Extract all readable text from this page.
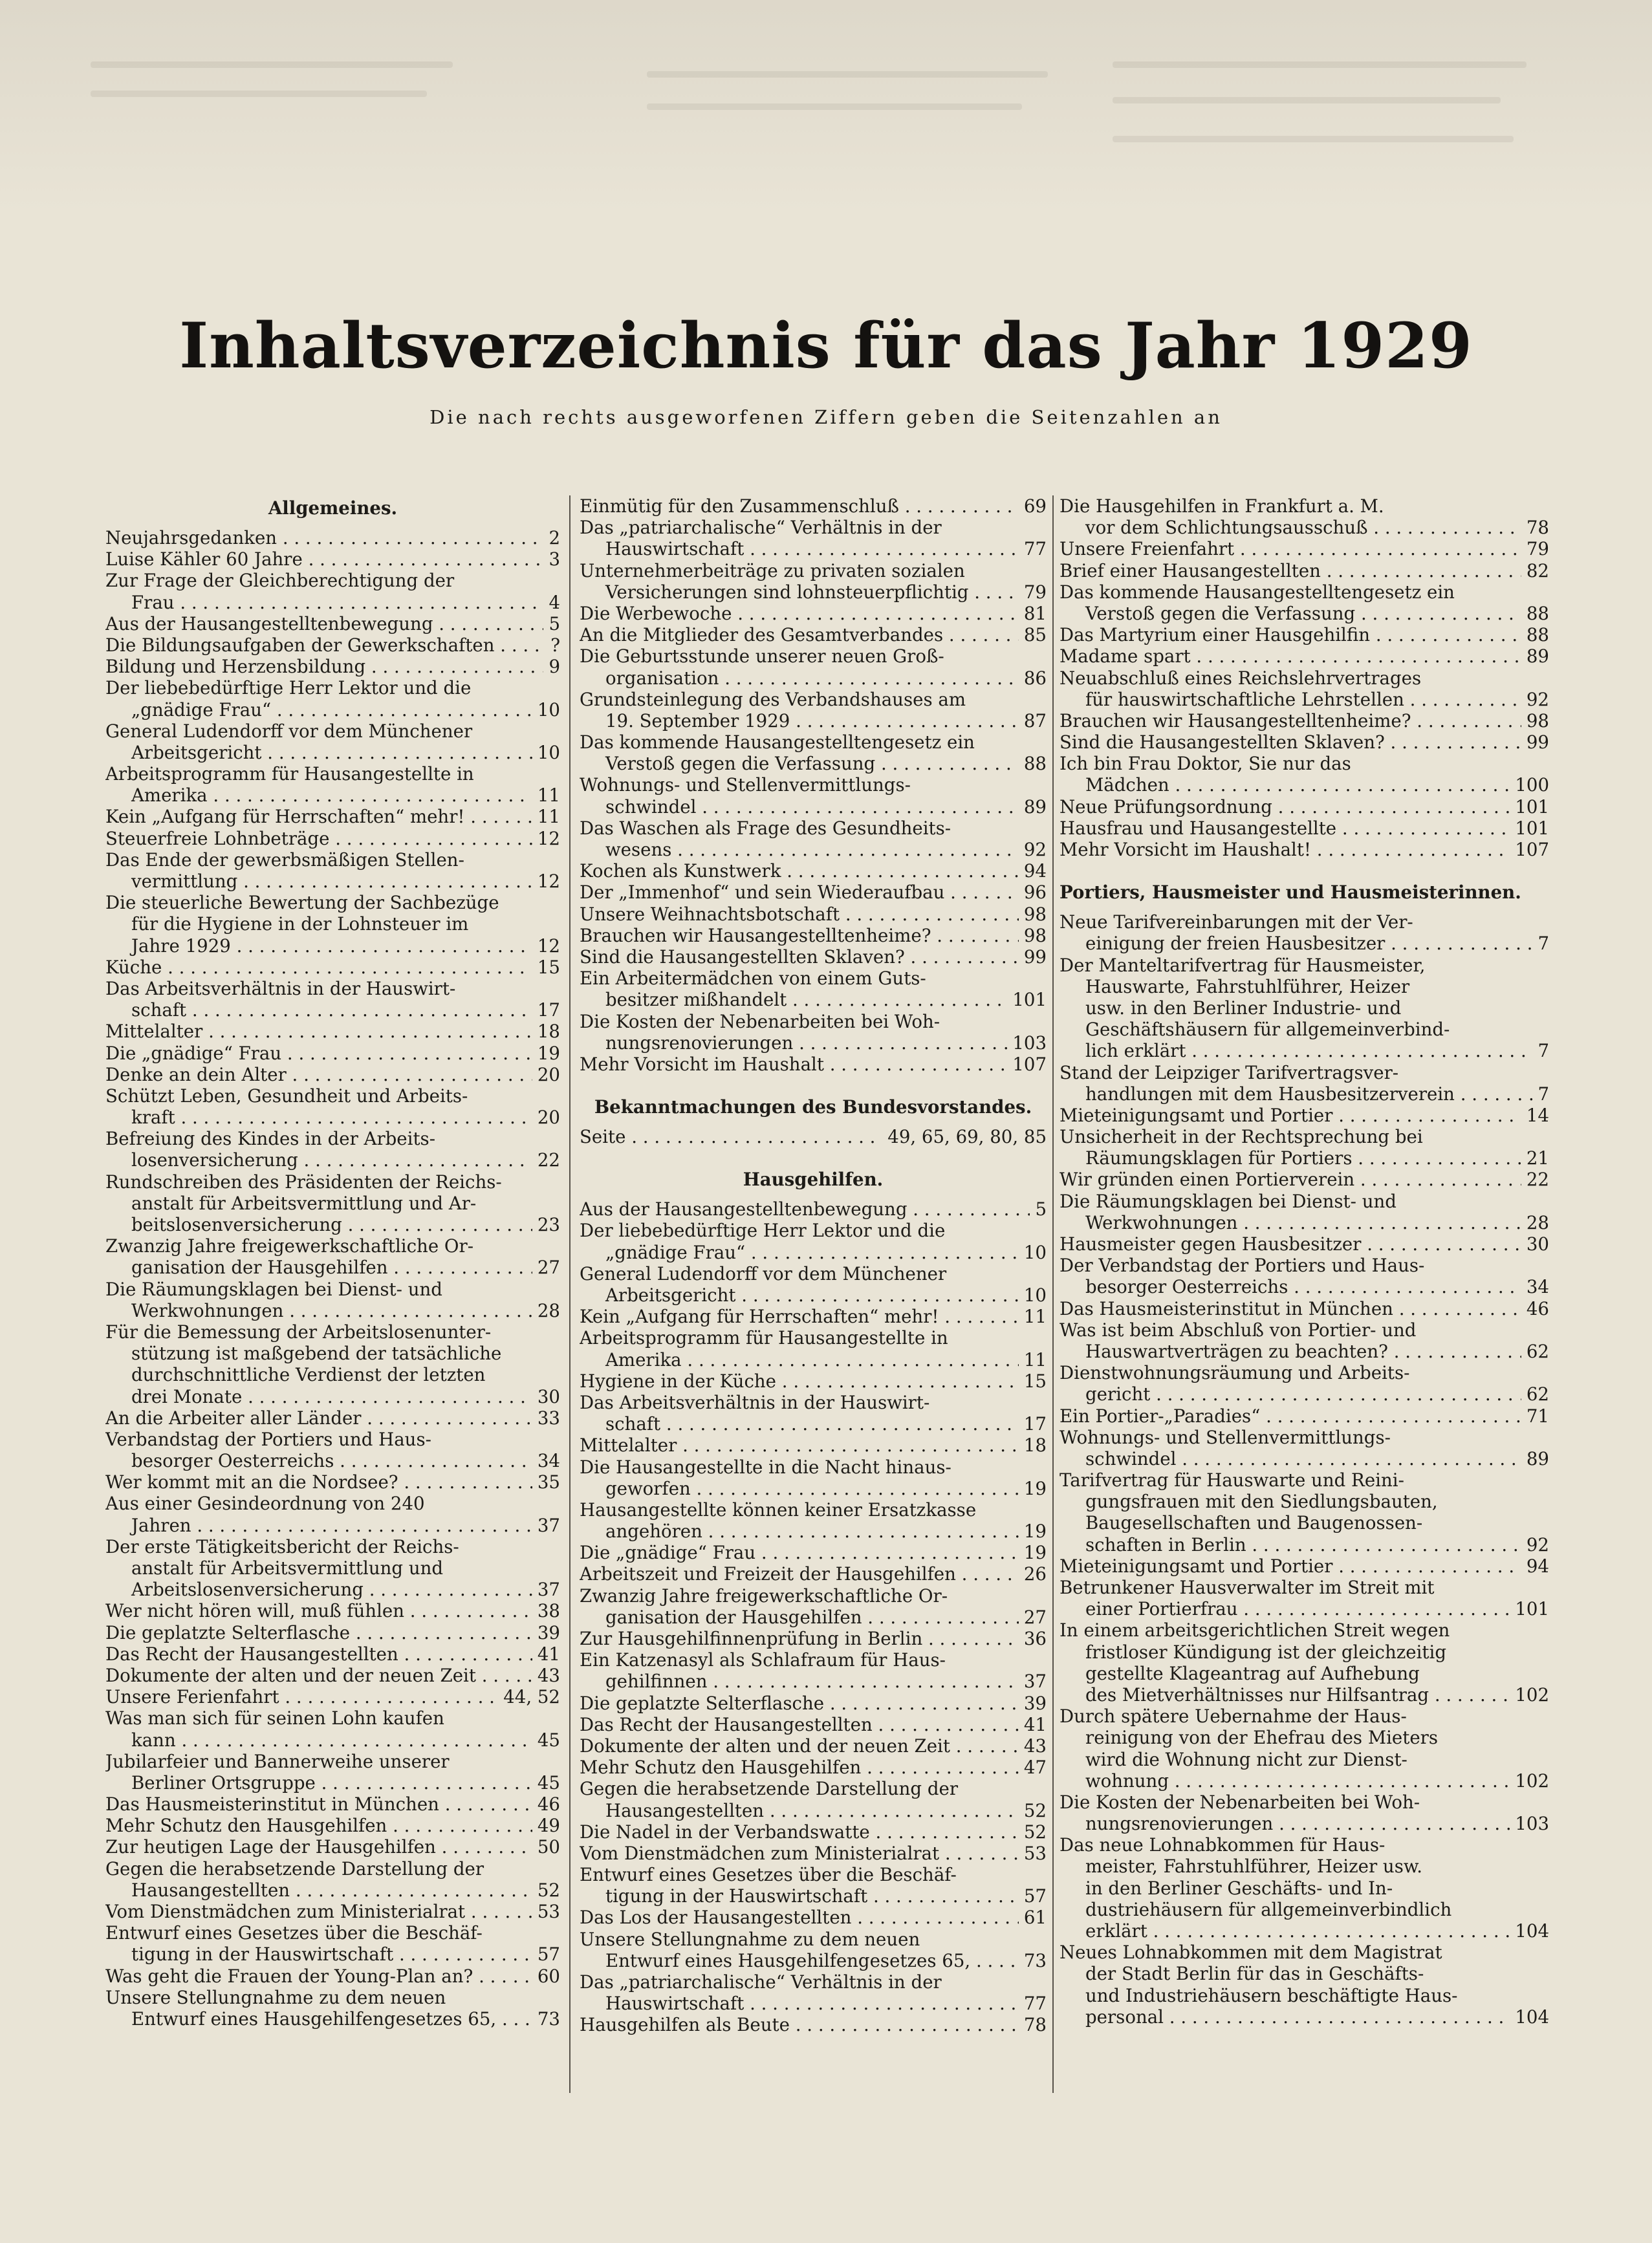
Inhaltsverzeichnis für das Jahr 1929
Die nach rechts ausgeworfenen Ziffern geben die Seitenzahlen an
Allgemeines.
Neujahrsgedanken . . .	2
Luise Kähler 60 Jahre . . .	3
Zur Frage der Gleichberechtigung der
Frau . . .	4
Aus der Hausangestelltenbewegung . . .	5
Die Bildungsaufgaben der Gewerkschaften . . .	?
Bildung und Herzensbildung . . .	9
Der liebebedürftige Herr Lektor und die
„gnädige Frau“ . . .	10
General Ludendorff vor dem Münchener
Arbeitsgericht . . .	10
Arbeitsprogramm für Hausangestellte in
Amerika . . .	11
Kein „Aufgang für Herrschaften“ mehr! . . .	11
Steuerfreie Lohnbeträge . . .	12
Das Ende der gewerbsmäßigen Stellen-
vermittlung . . .	12
Die steuerliche Bewertung der Sachbezüge
für die Hygiene in der Lohnsteuer im
Jahre 1929 . . .	12
Küche . . .	15
Das Arbeitsverhältnis in der Hauswirt-
schaft . . .	17
Mittelalter . . .	18
Die „gnädige“ Frau . . .	19
Denke an dein Alter . . .	20
Schützt Leben, Gesundheit und Arbeits-
kraft . . .	20
Befreiung des Kindes in der Arbeits-
losenversicherung . . .	22
Rundschreiben des Präsidenten der Reichs-
anstalt für Arbeitsvermittlung und Ar-
beitslosenversicherung . . .	23
Zwanzig Jahre freigewerkschaftliche Or-
ganisation der Hausgehilfen . . .	27
Die Räumungsklagen bei Dienst- und
Werkwohnungen . . .	28
Für die Bemessung der Arbeitslosenunter-
stützung ist maßgebend der tatsächliche
durchschnittliche Verdienst der letzten
drei Monate . . .	30
An die Arbeiter aller Länder . . .	33
Verbandstag der Portiers und Haus-
besorger Oesterreichs . . .	34
Wer kommt mit an die Nordsee? . . .	35
Aus einer Gesindeordnung von 240
Jahren . . .	37
Der erste Tätigkeitsbericht der Reichs-
anstalt für Arbeitsvermittlung und
Arbeitslosenversicherung . . .	37
Wer nicht hören will, muß fühlen . . .	38
Die geplatzte Selterflasche . . .	39
Das Recht der Hausangestellten . . .	41
Dokumente der alten und der neuen Zeit . . .	43
Unsere Ferienfahrt . . .	44, 52
Was man sich für seinen Lohn kaufen
kann . . .	45
Jubilarfeier und Bannerweihe unserer
Berliner Ortsgruppe . . .	45
Das Hausmeisterinstitut in München . . .	46
Mehr Schutz den Hausgehilfen . . .	49
Zur heutigen Lage der Hausgehilfen . . .	50
Gegen die herabsetzende Darstellung der
Hausangestellten . . .	52
Vom Dienstmädchen zum Ministerialrat . . .	53
Entwurf eines Gesetzes über die Beschäf-
tigung in der Hauswirtschaft . . .	57
Was geht die Frauen der Young-Plan an? . . .	60
Unsere Stellungnahme zu dem neuen
Entwurf eines Hausgehilfengesetzes 65, . . .	73
Einmütig für den Zusammenschluß . . .	69
Das „patriarchalische“ Verhältnis in der
Hauswirtschaft . . .	77
Unternehmerbeiträge zu privaten sozialen
Versicherungen sind lohnsteuerpflichtig . . .	79
Die Werbewoche . . .	81
An die Mitglieder des Gesamtverbandes . . .	85
Die Geburtsstunde unserer neuen Groß-
organisation . . .	86
Grundsteinlegung des Verbandshauses am
19. September 1929 . . .	87
Das kommende Hausangestelltengesetz ein
Verstoß gegen die Verfassung . . .	88
Wohnungs- und Stellenvermittlungs-
schwindel . . .	89
Das Waschen als Frage des Gesundheits-
wesens . . .	92
Kochen als Kunstwerk . . .	94
Der „Immenhof“ und sein Wiederaufbau . . .	96
Unsere Weihnachtsbotschaft . . .	98
Brauchen wir Hausangestelltenheime? . . .	98
Sind die Hausangestellten Sklaven? . . .	99
Ein Arbeitermädchen von einem Guts-
besitzer mißhandelt . . .	101
Die Kosten der Nebenarbeiten bei Woh-
nungsrenovierungen . . .	103
Mehr Vorsicht im Haushalt . . .	107
Bekanntmachungen des Bundesvorstandes.
Seite . . .	49, 65, 69, 80, 85
Hausgehilfen.
Aus der Hausangestelltenbewegung . . .	5
Der liebebedürftige Herr Lektor und die
„gnädige Frau“ . . .	10
General Ludendorff vor dem Münchener
Arbeitsgericht . . .	10
Kein „Aufgang für Herrschaften“ mehr! . . .	11
Arbeitsprogramm für Hausangestellte in
Amerika . . .	11
Hygiene in der Küche . . .	15
Das Arbeitsverhältnis in der Hauswirt-
schaft . . .	17
Mittelalter . . .	18
Die Hausangestellte in die Nacht hinaus-
geworfen . . .	19
Hausangestellte können keiner Ersatzkasse
angehören . . .	19
Die „gnädige“ Frau . . .	19
Arbeitszeit und Freizeit der Hausgehilfen . . .	26
Zwanzig Jahre freigewerkschaftliche Or-
ganisation der Hausgehilfen . . .	27
Zur Hausgehilfinnenprüfung in Berlin . . .	36
Ein Katzenasyl als Schlafraum für Haus-
gehilfinnen . . .	37
Die geplatzte Selterflasche . . .	39
Das Recht der Hausangestellten . . .	41
Dokumente der alten und der neuen Zeit . . .	43
Mehr Schutz den Hausgehilfen . . .	47
Gegen die herabsetzende Darstellung der
Hausangestellten . . .	52
Die Nadel in der Verbandswatte . . .	52
Vom Dienstmädchen zum Ministerialrat . . .	53
Entwurf eines Gesetzes über die Beschäf-
tigung in der Hauswirtschaft . . .	57
Das Los der Hausangestellten . . .	61
Unsere Stellungnahme zu dem neuen
Entwurf eines Hausgehilfengesetzes 65, . . .	73
Das „patriarchalische“ Verhältnis in der
Hauswirtschaft . . .	77
Hausgehilfen als Beute . . .	78
Die Hausgehilfen in Frankfurt a. M.
vor dem Schlichtungsausschuß . . .	78
Unsere Freienfahrt . . .	79
Brief einer Hausangestellten . . .	82
Das kommende Hausangestelltengesetz ein
Verstoß gegen die Verfassung . . .	88
Das Martyrium einer Hausgehilfin . . .	88
Madame spart . . .	89
Neuabschluß eines Reichslehrvertrages
für hauswirtschaftliche Lehrstellen . . .	92
Brauchen wir Hausangestelltenheime? . . .	98
Sind die Hausangestellten Sklaven? . . .	99
Ich bin Frau Doktor, Sie nur das
Mädchen . . .	100
Neue Prüfungsordnung . . .	101
Hausfrau und Hausangestellte . . .	101
Mehr Vorsicht im Haushalt! . . .	107
Portiers, Hausmeister und Hausmeisterinnen.
Neue Tarifvereinbarungen mit der Ver-
einigung der freien Hausbesitzer . . .	7
Der Manteltarifvertrag für Hausmeister,
Hauswarte, Fahrstuhlführer, Heizer
usw. in den Berliner Industrie- und
Geschäftshäusern für allgemeinverbind-
lich erklärt . . .	7
Stand der Leipziger Tarifvertragsver-
handlungen mit dem Hausbesitzerverein . . .	7
Mieteinigungsamt und Portier . . .	14
Unsicherheit in der Rechtsprechung bei
Räumungsklagen für Portiers . . .	21
Wir gründen einen Portierverein . . .	22
Die Räumungsklagen bei Dienst- und
Werkwohnungen . . .	28
Hausmeister gegen Hausbesitzer . . .	30
Der Verbandstag der Portiers und Haus-
besorger Oesterreichs . . .	34
Das Hausmeisterinstitut in München . . .	46
Was ist beim Abschluß von Portier- und
Hauswartverträgen zu beachten? . . .	62
Dienstwohnungsräumung und Arbeits-
gericht . . .	62
Ein Portier-„Paradies“ . . .	71
Wohnungs- und Stellenvermittlungs-
schwindel . . .	89
Tarifvertrag für Hauswarte und Reini-
gungsfrauen mit den Siedlungsbauten,
Baugesellschaften und Baugenossen-
schaften in Berlin . . .	92
Mieteinigungsamt und Portier . . .	94
Betrunkener Hausverwalter im Streit mit
einer Portierfrau . . .	101
In einem arbeitsgerichtlichen Streit wegen
fristloser Kündigung ist der gleichzeitig
gestellte Klageantrag auf Aufhebung
des Mietverhältnisses nur Hilfsantrag . . .	102
Durch spätere Uebernahme der Haus-
reinigung von der Ehefrau des Mieters
wird die Wohnung nicht zur Dienst-
wohnung . . .	102
Die Kosten der Nebenarbeiten bei Woh-
nungsrenovierungen . . .	103
Das neue Lohnabkommen für Haus-
meister, Fahrstuhlführer, Heizer usw.
in den Berliner Geschäfts- und In-
dustriehäusern für allgemeinverbindlich
erklärt . . .	104
Neues Lohnabkommen mit dem Magistrat
der Stadt Berlin für das in Geschäfts-
und Industriehäusern beschäftigte Haus-
personal . . .	104
